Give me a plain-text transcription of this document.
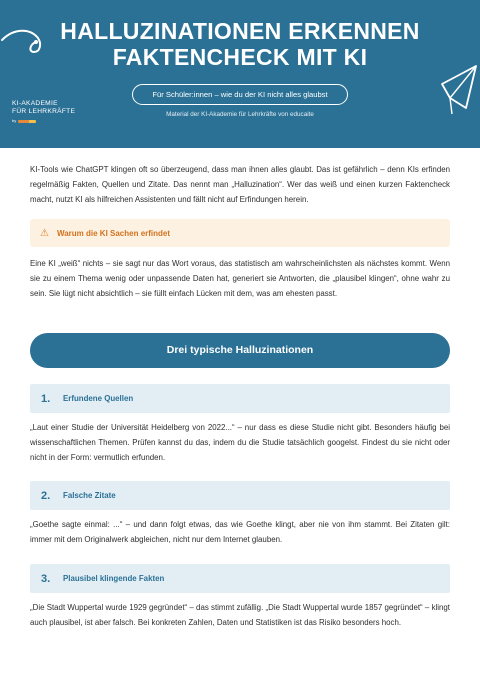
HALLUZINATIONEN ERKENNEN
FAKTENCHECK MIT KI
Für Schüler:innen – wie du der KI nicht alles glaubst
Material der KI-Akademie für Lehrkräfte von educaite
KI-AKADEMIE
FÜR LEHRKRÄFTE
by
KI-Tools wie ChatGPT klingen oft so überzeugend, dass man ihnen alles glaubt. Das ist gefährlich – denn KIs erfinden regelmäßig Fakten, Quellen und Zitate. Das nennt man „Halluzination“. Wer das weiß und einen kurzen Faktencheck macht, nutzt KI als hilfreichen Assistenten und fällt nicht auf Erfindungen herein.
⚠ Warum die KI Sachen erfindet
Eine KI „weiß“ nichts – sie sagt nur das Wort voraus, das statistisch am wahrscheinlichsten als nächstes kommt. Wenn sie zu einem Thema wenig oder unpassende Daten hat, generiert sie Antworten, die „plausibel klingen“, ohne wahr zu sein. Sie lügt nicht absichtlich – sie füllt einfach Lücken mit dem, was am ehesten passt.
Drei typische Halluzinationen
1.	Erfundene Quellen
„Laut einer Studie der Universität Heidelberg von 2022...“ – nur dass es diese Studie nicht gibt. Besonders häufig bei wissenschaftlichen Themen. Prüfen kannst du das, indem du die Studie tatsächlich googelst. Findest du sie nicht oder nicht in der Form: vermutlich erfunden.
2.	Falsche Zitate
„Goethe sagte einmal: ...“ – und dann folgt etwas, das wie Goethe klingt, aber nie von ihm stammt. Bei Zitaten gilt: immer mit dem Originalwerk abgleichen, nicht nur dem Internet glauben.
3.	Plausibel klingende Fakten
„Die Stadt Wuppertal wurde 1929 gegründet“ – das stimmt zufällig. „Die Stadt Wuppertal wurde 1857 gegründet“ – klingt auch plausibel, ist aber falsch. Bei konkreten Zahlen, Daten und Statistiken ist das Risiko besonders hoch.
